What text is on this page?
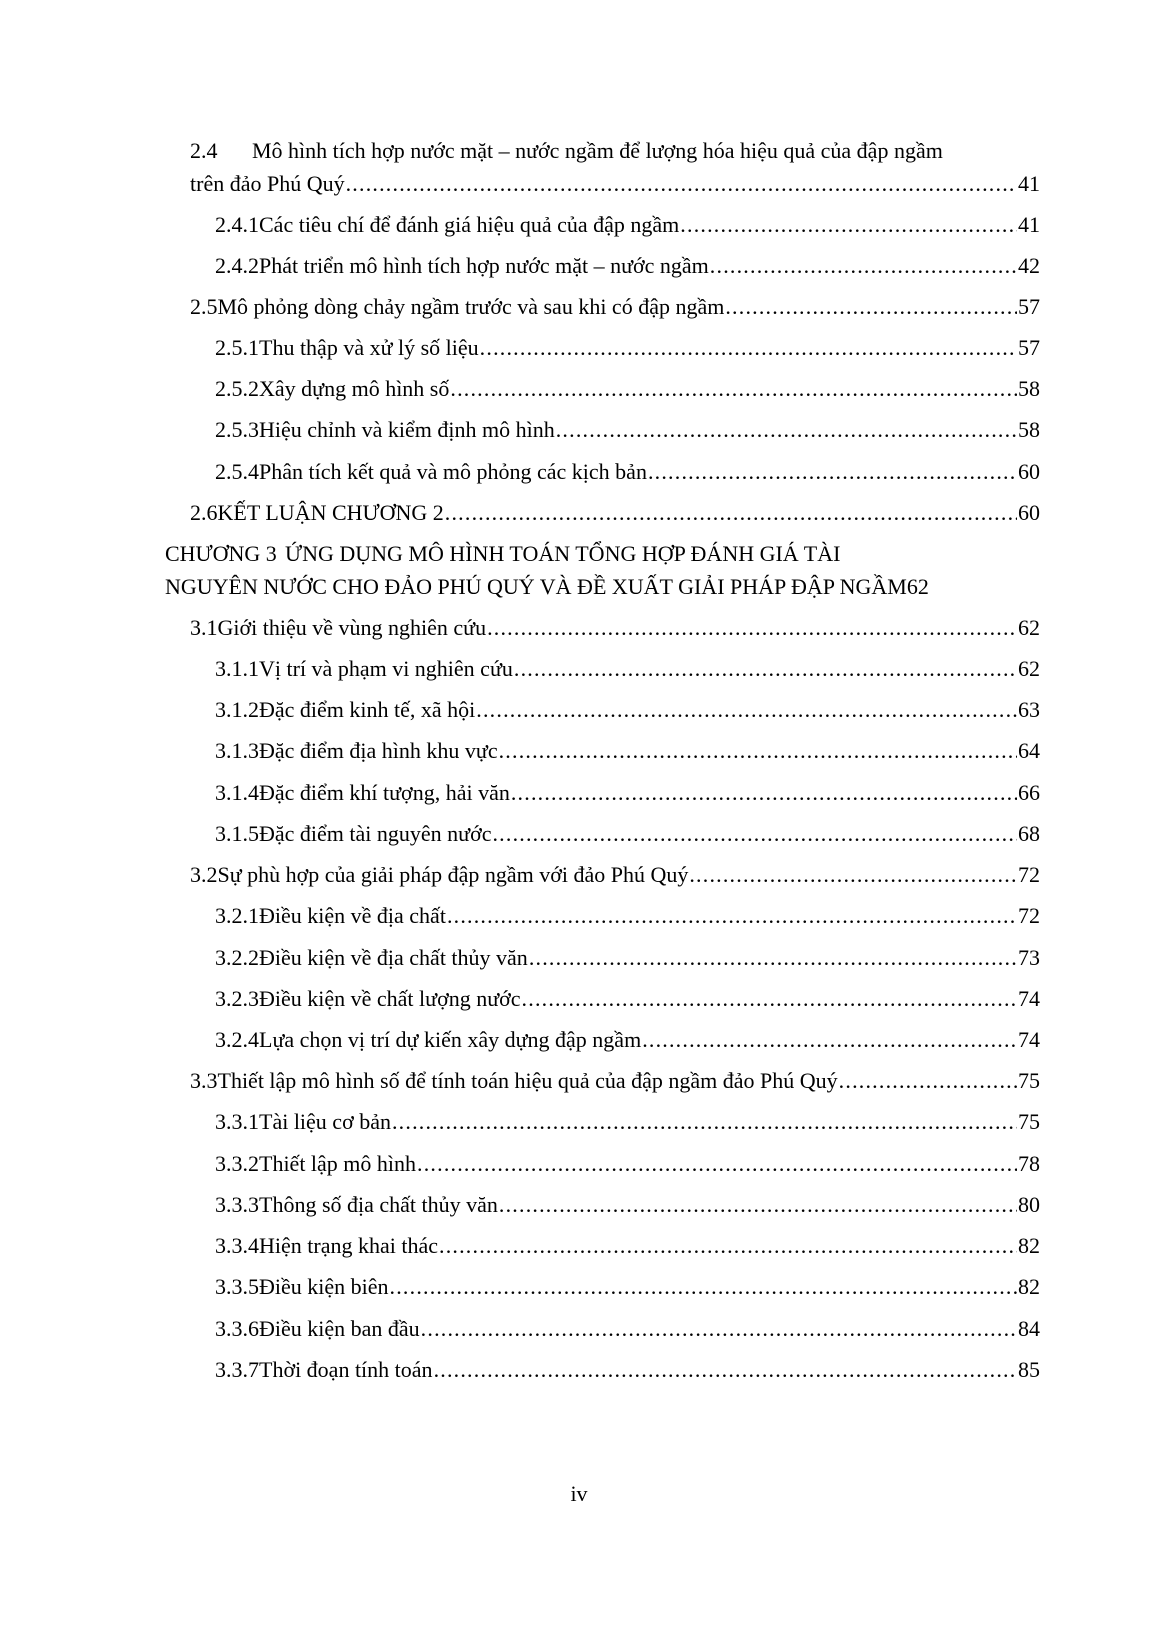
2.4	Mô hình tích hợp nước mặt – nước ngầm để lượng hóa hiệu quả của đập ngầm
trên đảo Phú Quý .....	41
2.4.1 Các tiêu chí để đánh giá hiệu quả của đập ngầm .....	41
2.4.2 Phát triển mô hình tích hợp nước mặt – nước ngầm .....	42
2.5 Mô phỏng dòng chảy ngầm trước và sau khi có đập ngầm .....	57
2.5.1 Thu thập và xử lý số liệu .....	57
2.5.2 Xây dựng mô hình số .....	58
2.5.3 Hiệu chỉnh và kiểm định mô hình .....	58
2.5.4 Phân tích kết quả và mô phỏng các kịch bản .....	60
2.6 KẾT LUẬN CHƯƠNG 2 .....	60
CHƯƠNG 3 ỨNG DỤNG MÔ HÌNH TOÁN TỔNG HỢP ĐÁNH GIÁ TÀI
NGUYÊN NƯỚC CHO ĐẢO PHÚ QUÝ VÀ ĐỀ XUẤT GIẢI PHÁP ĐẬP NGẦM62
3.1 Giới thiệu về vùng nghiên cứu .....	62
3.1.1 Vị trí và phạm vi nghiên cứu .....	62
3.1.2 Đặc điểm kinh tế, xã hội .....	63
3.1.3 Đặc điểm địa hình khu vực .....	64
3.1.4 Đặc điểm khí tượng, hải văn .....	66
3.1.5 Đặc điểm tài nguyên nước .....	68
3.2 Sự phù hợp của giải pháp đập ngầm với đảo Phú Quý .....	72
3.2.1 Điều kiện về địa chất .....	72
3.2.2 Điều kiện về địa chất thủy văn .....	73
3.2.3 Điều kiện về chất lượng nước .....	74
3.2.4 Lựa chọn vị trí dự kiến xây dựng đập ngầm .....	74
3.3 Thiết lập mô hình số để tính toán hiệu quả của đập ngầm đảo Phú Quý .....	75
3.3.1 Tài liệu cơ bản .....	75
3.3.2 Thiết lập mô hình .....	78
3.3.3 Thông số địa chất thủy văn .....	80
3.3.4 Hiện trạng khai thác .....	82
3.3.5 Điều kiện biên .....	82
3.3.6 Điều kiện ban đầu .....	84
3.3.7 Thời đoạn tính toán .....	85
iv
